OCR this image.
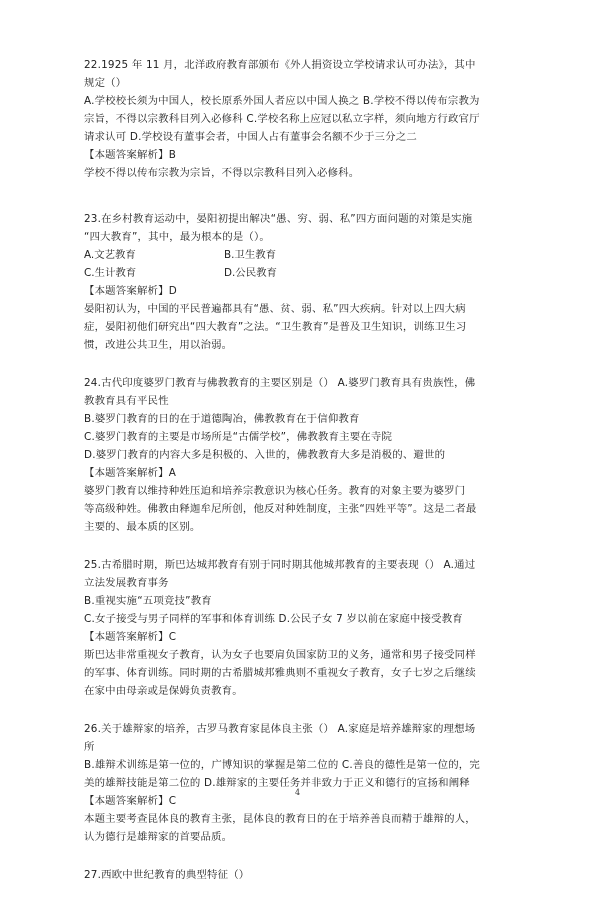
22.1925 年 11 月，北洋政府教育部颁布《外人捐资设立学校请求认可办法》，其中
规定（）
A.学校校长须为中国人，校长原系外国人者应以中国人换之 B.学校不得以传布宗教为
宗旨，不得以宗教科目列入必修科 C.学校名称上应冠以私立字样，须向地方行政官厅
请求认可 D.学校设有董事会者，中国人占有董事会名额不少于三分之二
【本题答案解析】B
学校不得以传布宗教为宗旨，不得以宗教科目列入必修科。
23.在乡村教育运动中，晏阳初提出解决“愚、穷、弱、私”四方面问题的对策是实施
“四大教育”，其中，最为根本的是（）。
A.文艺教育	B.卫生教育
C.生计教育	D.公民教育
【本题答案解析】D
晏阳初认为，中国的平民普遍都具有“愚、贫、弱、私”四大疾病。针对以上四大病
症，晏阳初他们研究出“四大教育”之法。“卫生教育”是普及卫生知识，训练卫生习
惯，改进公共卫生，用以治弱。
24.古代印度婆罗门教育与佛教教育的主要区别是（） A.婆罗门教育具有贵族性，佛
教教育具有平民性
B.婆罗门教育的日的在于道德陶冶，佛教教育在于信仰教育
C.婆罗门教育的主要是市场所是“古儒学校”，佛教教育主要在寺院
D.婆罗门教育的内容大多是积极的、入世的，佛教教育大多是消极的、避世的
【本题答案解析】A
婆罗门教育以维持种姓压迫和培养宗教意识为核心任务。教育的对象主要为婆罗门
等高级种姓。佛教由释迦牟尼所创，他反对种姓制度，主张“四姓平等”。这是二者最
主要的、最本质的区别。
25.古希腊时期，斯巴达城邦教育有别于同时期其他城邦教育的主要表现（） A.通过
立法发展教育事务
B.重视实施“五项竞技”教育
C.女子接受与男子同样的军事和体育训练 D.公民子女 7 岁以前在家庭中接受教育
【本题答案解析】C
斯巴达非常重视女子教育，认为女子也要肩负国家防卫的义务，通常和男子接受同样
的军事、体育训练。同时期的古希腊城邦雅典则不重视女子教育，女子七岁之后继续
在家中由母亲或是保姆负责教育。
26.关于雄辩家的培养，古罗马教育家昆体良主张（） A.家庭是培养雄辩家的理想场
所
B.雄辩术训练是第一位的，广博知识的掌握是第二位的 C.善良的德性是第一位的，完
美的雄辩技能是第二位的 D.雄辩家的主要任务并非致力于正义和德行的宣扬和阐释
【本题答案解析】C
本题主要考查昆体良的教育主张，昆体良的教育日的在于培养善良而精于雄辩的人，
认为德行是雄辩家的首要品质。
27.西欧中世纪教育的典型特征（）
4
